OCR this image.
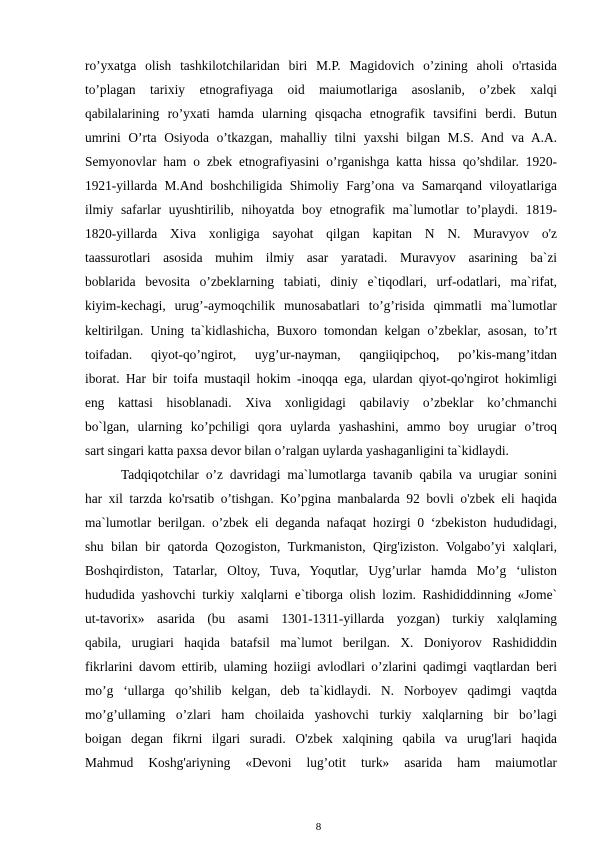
ro’yxatga olish tashkilotchilaridan biri M.P. Magidovich o’zining aholi o'rtasida
to’plagan tarixiy etnografiyaga oid maiumotlariga asoslanib, o’zbek xalqi
qabilalarining ro’yxati hamda ularning qisqacha etnografik tavsifini berdi. Butun
umrini O’rta Osiyoda o’tkazgan, mahalliy tilni yaxshi bilgan M.S. And va A.A.
Semyonovlar ham o zbek etnografiyasini o’rganishga katta hissa qo’shdilar. 1920-
1921-yillarda M.And boshchiligida Shimoliy Farg’ona va Samarqand viloyatlariga
ilmiy safarlar uyushtirilib, nihoyatda boy etnografik ma`lumotlar to’playdi. 1819-
1820-yillarda Xiva xonligiga sayohat qilgan kapitan N N. Muravyov o'z
taassurotlari asosida muhim ilmiy asar yaratadi. Muravyov asarining ba`zi
boblarida bevosita o’zbeklarning tabiati, diniy e`tiqodlari, urf-odatlari, ma`rifat,
kiyim-kechagi, urug’-aymoqchilik munosabatlari to’g’risida qimmatli ma`lumotlar
keltirilgan. Uning ta`kidlashicha, Buxoro tomondan kelgan o’zbeklar, asosan, to’rt
toifadan. qiyot-qo’ngirot, uyg’ur-nayman, qangiiqipchoq, po’kis-mang’itdan
iborat. Har bir toifa mustaqil hokim -inoqqa ega, ulardan qiyot-qo'ngirot hokimligi
eng kattasi hisoblanadi. Xiva xonligidagi qabilaviy o’zbeklar ko’chmanchi
bo`lgan, ularning ko’pchiligi qora uylarda yashashini, ammo boy urugiar o’troq
sart singari katta paxsa devor bilan o’ralgan uylarda yashaganligini ta`kidlaydi.

Tadqiqotchilar o’z davridagi ma`lumotlarga tavanib qabila va urugiar sonini
har xil tarzda ko'rsatib o’tishgan. Ko’pgina manbalarda 92 bovli o'zbek eli haqida
ma`lumotlar berilgan. o’zbek eli deganda nafaqat hozirgi 0 ‘zbekiston hududidagi,
shu bilan bir qatorda Qozogiston, Turkmaniston, Qirg'iziston. Volgabo’yi xalqlari,
Boshqirdiston, Tatarlar, Oltoy, Tuva, Yoqutlar, Uyg’urlar hamda Mo’g ‘uliston
hududida yashovchi turkiy xalqlarni e`tiborga olish lozim. Rashididdinning «Jome`
ut-tavorix» asarida (bu asami 1301-1311-yillarda yozgan) turkiy xalqlaming
qabila, urugiari haqida batafsil ma`lumot berilgan. X. Doniyorov Rashididdin
fikrlarini davom ettirib, ulaming hoziigi avlodlari o’zlarini qadimgi vaqtlardan beri
mo’g ‘ullarga qo’shilib kelgan, deb ta`kidlaydi. N. Norboyev qadimgi vaqtda
mo’g’ullaming o’zlari ham choilaida yashovchi turkiy xalqlarning bir bo’lagi
boigan degan fikrni ilgari suradi. O'zbek xalqining qabila va urug'lari haqida
Mahmud Koshg'ariyning «Devoni lug’otit turk» asarida ham maiumotlar

8
